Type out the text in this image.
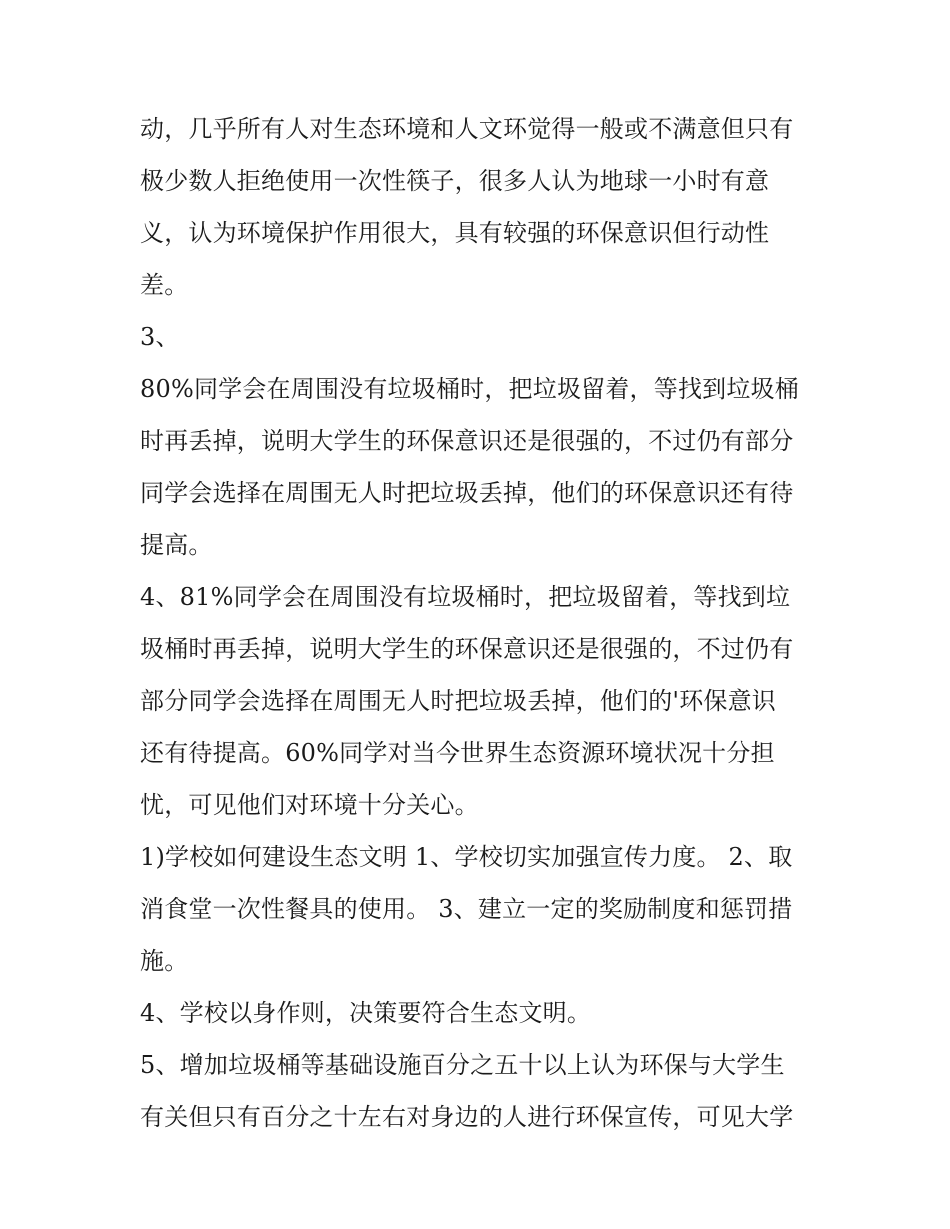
动，几乎所有人对生态环境和人文环觉得一般或不满意但只有
极少数人拒绝使用一次性筷子，很多人认为地球一小时有意
义，认为环境保护作用很大，具有较强的环保意识但行动性
差。
3、
80%同学会在周围没有垃圾桶时，把垃圾留着，等找到垃圾桶
时再丢掉，说明大学生的环保意识还是很强的，不过仍有部分
同学会选择在周围无人时把垃圾丢掉，他们的环保意识还有待
提高。
4、81%同学会在周围没有垃圾桶时，把垃圾留着，等找到垃
圾桶时再丢掉，说明大学生的环保意识还是很强的，不过仍有
部分同学会选择在周围无人时把垃圾丢掉，他们的'环保意识
还有待提高。60%同学对当今世界生态资源环境状况十分担
忧，可见他们对环境十分关心。
1)学校如何建设生态文明 1、学校切实加强宣传力度。 2、取
消食堂一次性餐具的使用。 3、建立一定的奖励制度和惩罚措
施。
4、学校以身作则，决策要符合生态文明。
5、增加垃圾桶等基础设施百分之五十以上认为环保与大学生
有关但只有百分之十左右对身边的人进行环保宣传，可见大学
